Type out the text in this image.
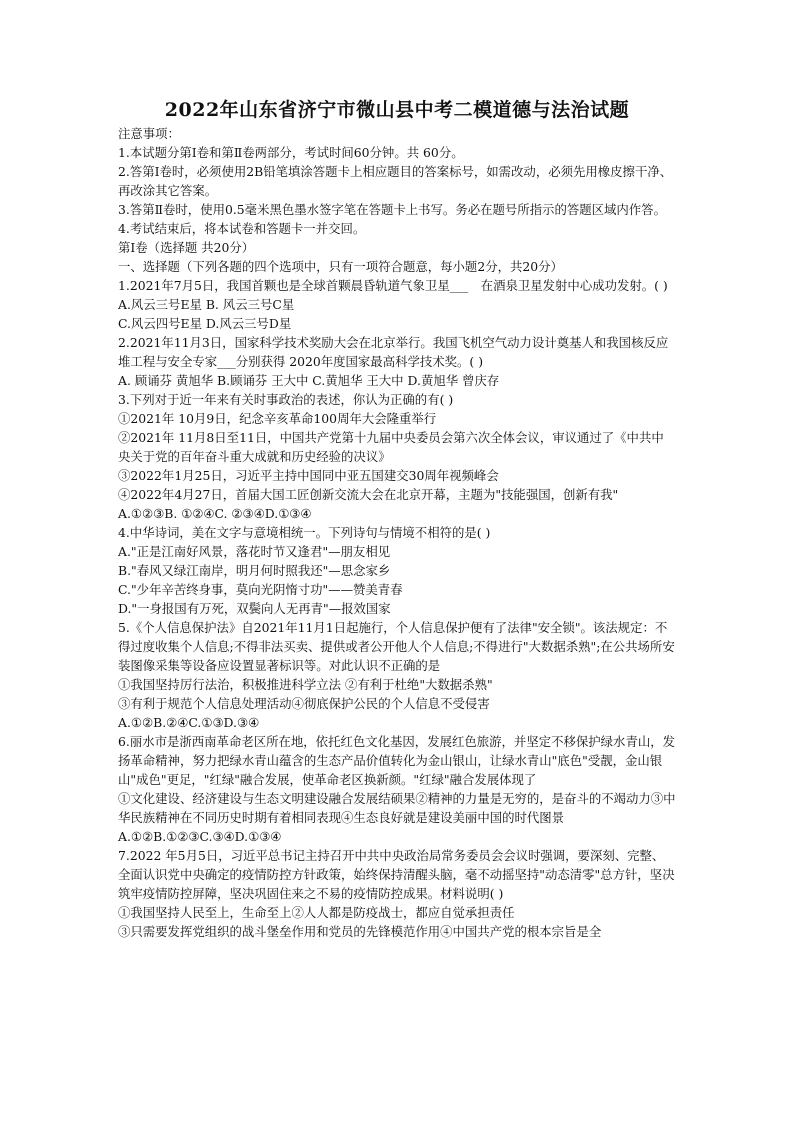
2022年山东省济宁市微山县中考二模道德与法治试题

注意事项：

1.本试题分第Ⅰ卷和第Ⅱ卷两部分，考试时间60分钟。共 60分。

2.答第Ⅰ卷时，必须使用2B铅笔填涂答题卡上相应题目的答案标号，如需改动，必须先用橡皮擦干净、再改涂其它答案。

3.答第Ⅱ卷时，使用0.5毫米黑色墨水签字笔在答题卡上书写。务必在题号所指示的答题区域内作答。

4.考试结束后，将本试卷和答题卡一并交回。

第Ⅰ卷（选择题 共20分）

一、选择题（下列各题的四个选项中，只有一项符合题意，每小题2分，共20分）

1.2021年7月5日，我国首颗也是全球首颗晨昏轨道气象卫星___　在酒泉卫星发射中心成功发射。( )

A.风云三号E星 B. 风云三号C星

C.风云四号E星 D.风云三号D星

2.2021年11月3日，国家科学技术奖励大会在北京举行。我国飞机空气动力设计奠基人和我国核反应堆工程与安全专家___分别获得 2020年度国家最高科学技术奖。( )

A. 顾诵芬 黄旭华 B.顾诵芬 王大中 C.黄旭华 王大中 D.黄旭华 曾庆存

3.下列对于近一年来有关时事政治的表述，你认为正确的有( )

①2021年 10月9日，纪念辛亥革命100周年大会隆重举行

②2021年 11月8日至11日，中国共产党第十九届中央委员会第六次全体会议，审议通过了《中共中央关于党的百年奋斗重大成就和历史经验的决议》

③2022年1月25日，习近平主持中国同中亚五国建交30周年视频峰会

④2022年4月27日，首届大国工匠创新交流大会在北京开幕，主题为"技能强国，创新有我"

A.①②③B. ①②④C. ②③④D.①③④

4.中华诗词，美在文字与意境相统一。下列诗句与情境不相符的是( )

A."正是江南好风景，落花时节又逢君"—朋友相见

B."春风又绿江南岸，明月何时照我还"—思念家乡

C."少年辛苦终身事，莫向光阴惰寸功"——赞美青春

D."一身报国有万死，双鬓向人无再青"—报效国家

5.《个人信息保护法》自2021年11月1日起施行，个人信息保护便有了法律"安全锁"。该法规定：不得过度收集个人信息;不得非法买卖、提供或者公开他人个人信息;不得进行"大数据杀熟";在公共场所安装图像采集等设备应设置显著标识等。对此认识不正确的是

①我国坚持厉行法治，积极推进科学立法 ②有利于杜绝"大数据杀熟"

③有利于规范个人信息处理活动④彻底保护公民的个人信息不受侵害

A.①②B.②④C.①③D.③④

6.丽水市是浙西南革命老区所在地，依托红色文化基因，发展红色旅游，并坚定不移保护绿水青山，发扬革命精神，努力把绿水青山蕴含的生态产品价值转化为金山银山，让绿水青山"底色"受靓，金山银山"成色"更足，"红绿"融合发展，使革命老区换新颜。"红绿"融合发展体现了

①文化建设、经济建设与生态文明建设融合发展结硕果②精神的力量是无穷的，是奋斗的不竭动力③中华民族精神在不同历史时期有着相同表现④生态良好就是建设美丽中国的时代图景

A.①②B.①②③C.③④D.①③④

7.2022 年5月5日，习近平总书记主持召开中共中央政治局常务委员会会议时强调，要深刻、完整、全面认识党中央确定的疫情防控方针政策，始终保持清醒头脑，毫不动摇坚持"动态清零"总方针，坚决筑牢疫情防控屏障，坚决巩固住来之不易的疫情防控成果。材料说明( )

①我国坚持人民至上，生命至上②人人都是防疫战士，都应自觉承担责任

③只需要发挥党组织的战斗堡垒作用和党员的先锋模范作用④中国共产党的根本宗旨是全
